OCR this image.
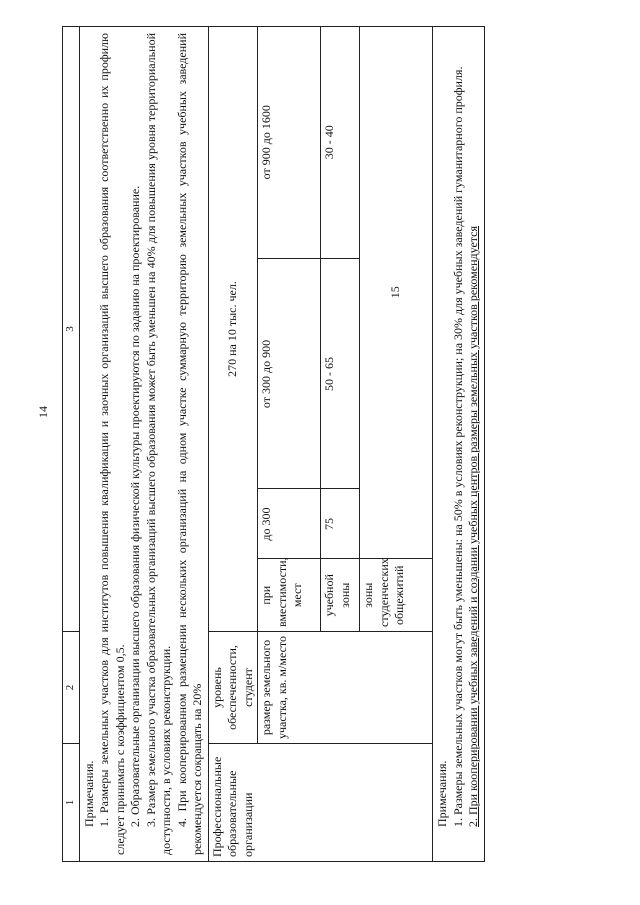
14
1	2	3

Примечания. 1. Размеры земельных участков для институтов повышения квалификации и заочных организаций высшего образования соответственно их профилю следует принимать с коэффициентом 0,5. 2. Образовательные организации высшего образования физической культуры проектируются по заданию на проектирование. 3. Размер земельного участка образовательных организаций высшего образования может быть уменьшен на 40% для повышения уровня территориальной доступности, в условиях реконструкции. 4. При кооперированном размещении нескольких организаций на одном участке суммарную территорию земельных участков учебных заведений рекомендуется сокращать на 20%

Профессиональные образовательные организации	уровень обеспеченности, студент	270 на 10 тыс. чел.
размер земельного участка, кв. м/место	
при вместимости, мест	до 300	от 300 до 900	от 900 до 1600
учебной зоны	75	50 - 65	30 - 40
зоны студенческих общежитий	15

Примечания. 1. Размеры земельных участков могут быть уменьшены: на 50% в условиях реконструкции; на 30% для учебных заведений гуманитарного профиля. 2. При кооперировании учебных заведений и создании учебных центров размеры земельных участков рекомендуется
